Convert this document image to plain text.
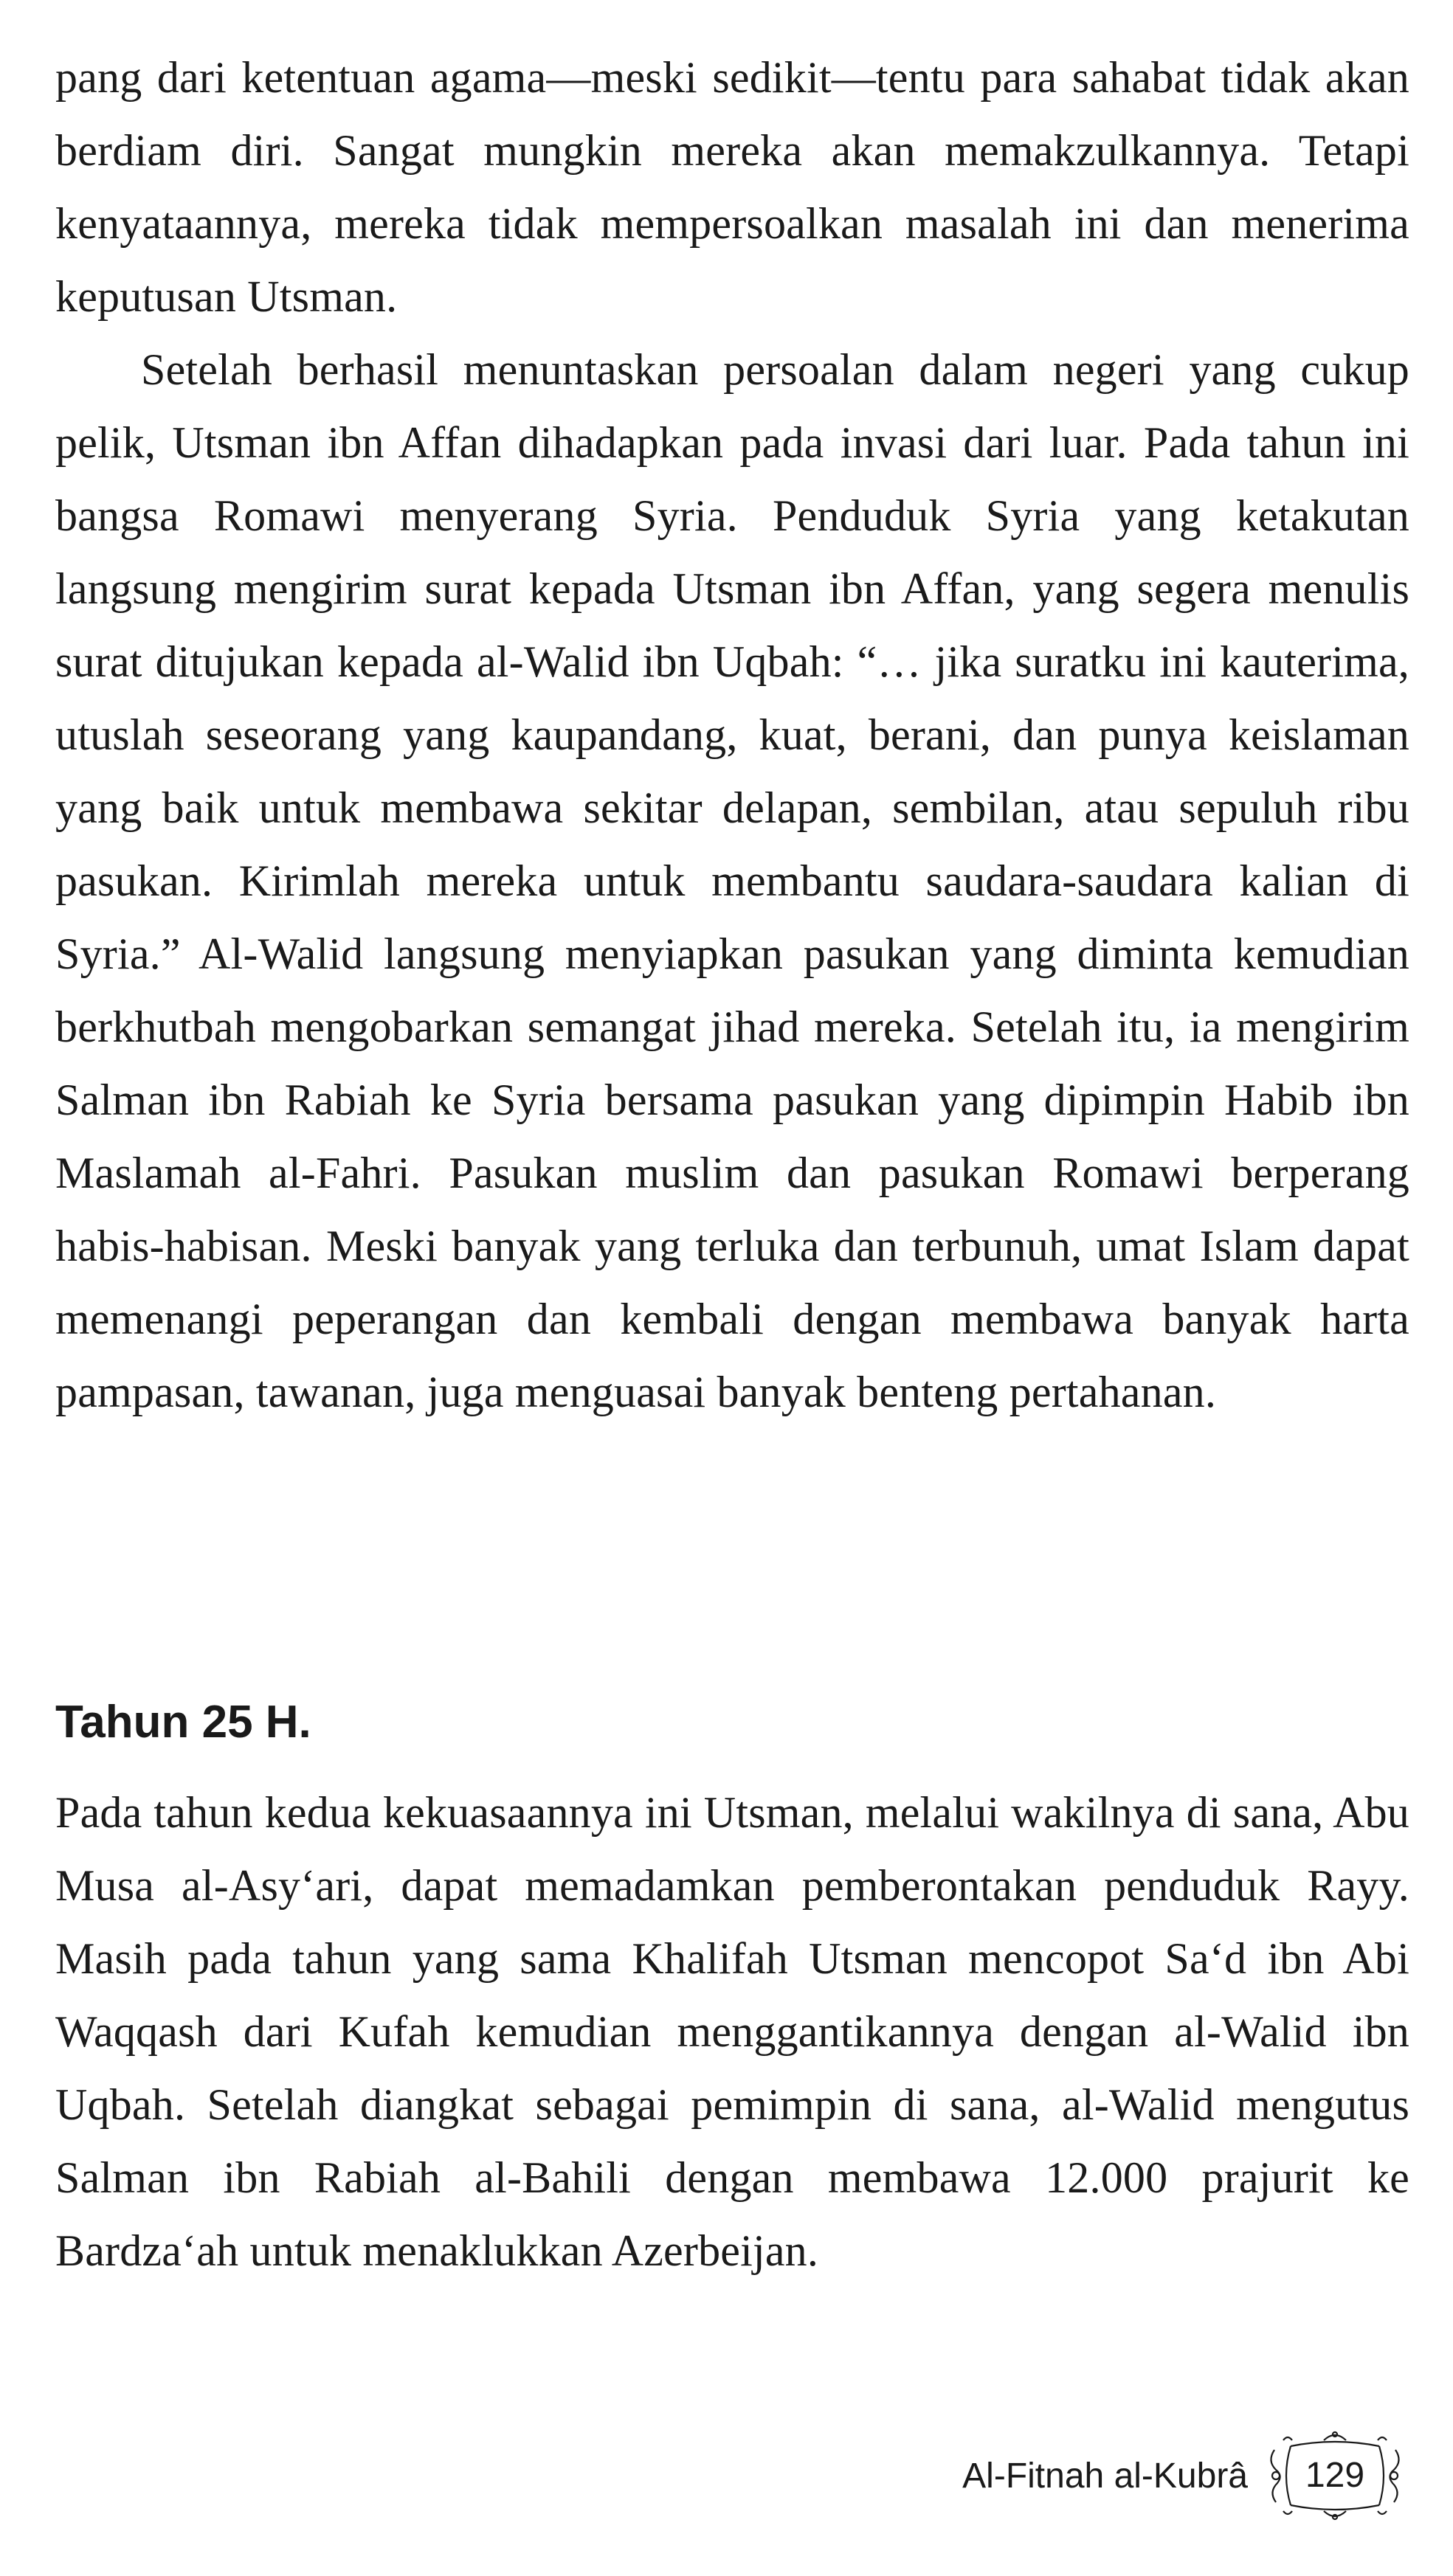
pang dari ketentuan agama—meski sedikit—tentu para sahabat tidak akan berdiam diri. Sangat mungkin mereka akan memakzulkannya. Tetapi kenyataannya, mereka tidak mempersoalkan masalah ini dan menerima keputusan Utsman.

Setelah berhasil menuntaskan persoalan dalam negeri yang cukup pelik, Utsman ibn Affan dihadapkan pada invasi dari luar. Pada tahun ini bangsa Romawi menyerang Syria. Penduduk Syria yang ketakutan langsung mengirim surat kepada Utsman ibn Affan, yang segera menulis surat ditujukan kepada al-Walid ibn Uqbah: “… jika suratku ini kauterima, utuslah seseorang yang kaupandang, kuat, berani, dan punya keislaman yang baik untuk membawa sekitar delapan, sembilan, atau sepuluh ribu pasukan. Kirimlah mereka untuk membantu saudara-saudara kalian di Syria.” Al-Walid langsung menyiapkan pasukan yang diminta kemudian berkhutbah mengobarkan semangat jihad mereka. Setelah itu, ia mengirim Salman ibn Rabiah ke Syria bersama pasukan yang dipimpin Habib ibn Maslamah al-Fahri. Pasukan muslim dan pasukan Romawi berperang habis-habisan. Meski banyak yang terluka dan terbunuh, umat Islam dapat memenangi peperangan dan kembali dengan membawa banyak harta pampasan, tawanan, juga menguasai banyak benteng pertahanan.

Tahun 25 H.

Pada tahun kedua kekuasaannya ini Utsman, melalui wakilnya di sana, Abu Musa al-Asy‘ari, dapat memadamkan pemberontakan penduduk Rayy. Masih pada tahun yang sama Khalifah Utsman mencopot Sa‘d ibn Abi Waqqash dari Kufah kemudian menggantikannya dengan al-Walid ibn Uqbah. Setelah diangkat sebagai pemimpin di sana, al-Walid mengutus Salman ibn Rabiah al-Bahili dengan membawa 12.000 prajurit ke Bardza‘ah untuk menaklukkan Azerbeijan.

Al-Fitnah al-Kubrâ	129
